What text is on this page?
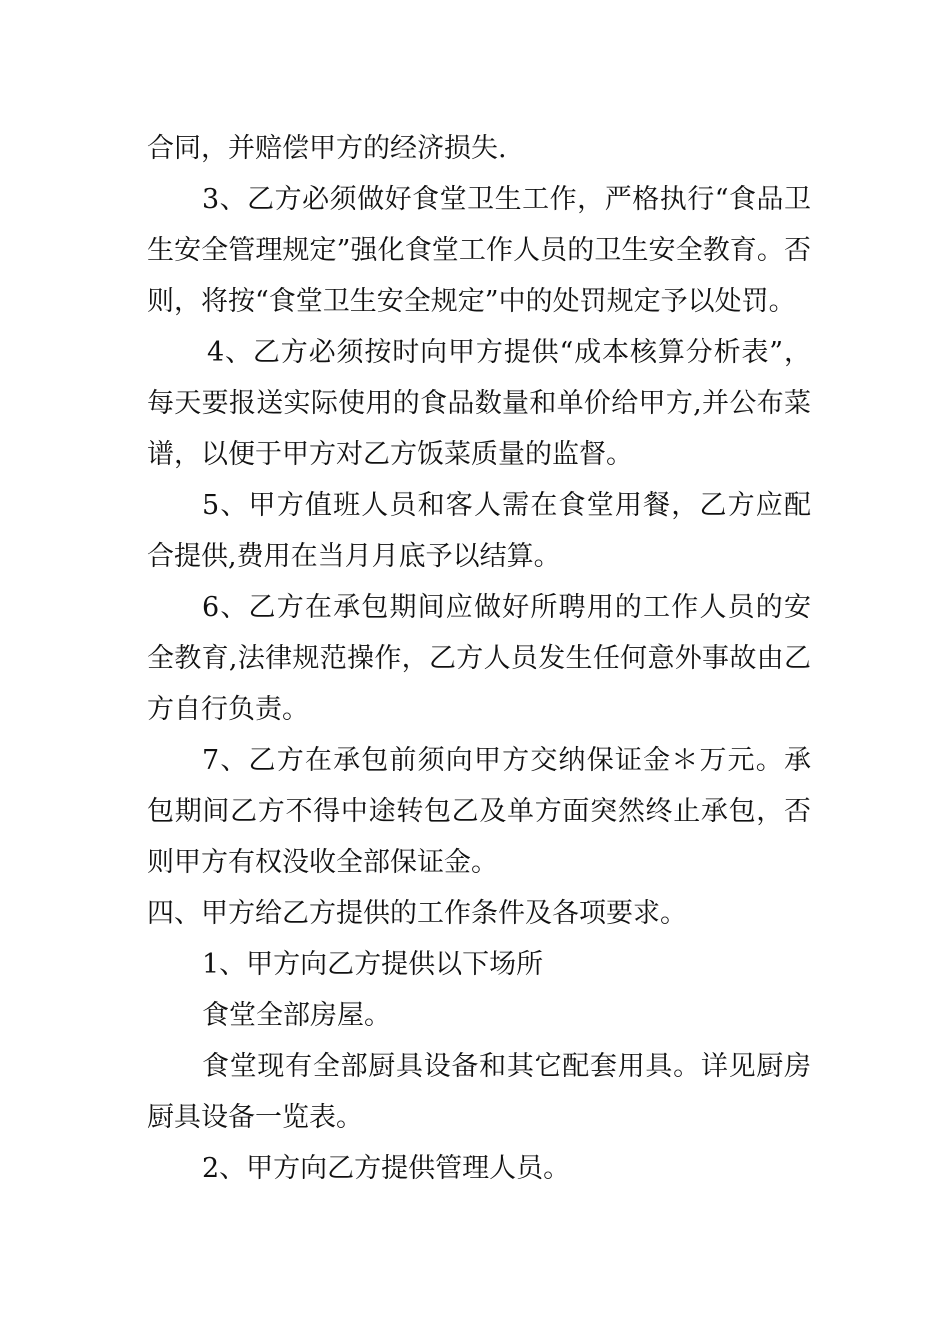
合同，并赔偿甲方的经济损失.

3、乙方必须做好食堂卫生工作，严格执行“食品卫生安全管理规定”强化食堂工作人员的卫生安全教育。否则，将按“食堂卫生安全规定”中的处罚规定予以处罚。

4、乙方必须按时向甲方提供“成本核算分析表”，每天要报送实际使用的食品数量和单价给甲方,并公布菜谱，以便于甲方对乙方饭菜质量的监督。

5、甲方值班人员和客人需在食堂用餐，乙方应配合提供,费用在当月月底予以结算。

6、乙方在承包期间应做好所聘用的工作人员的安全教育,法律规范操作，乙方人员发生任何意外事故由乙方自行负责。

7、乙方在承包前须向甲方交纳保证金＊万元。承包期间乙方不得中途转包乙及单方面突然终止承包，否则甲方有权没收全部保证金。

四、甲方给乙方提供的工作条件及各项要求。

1、甲方向乙方提供以下场所

食堂全部房屋。

食堂现有全部厨具设备和其它配套用具。详见厨房厨具设备一览表。

2、甲方向乙方提供管理人员。
